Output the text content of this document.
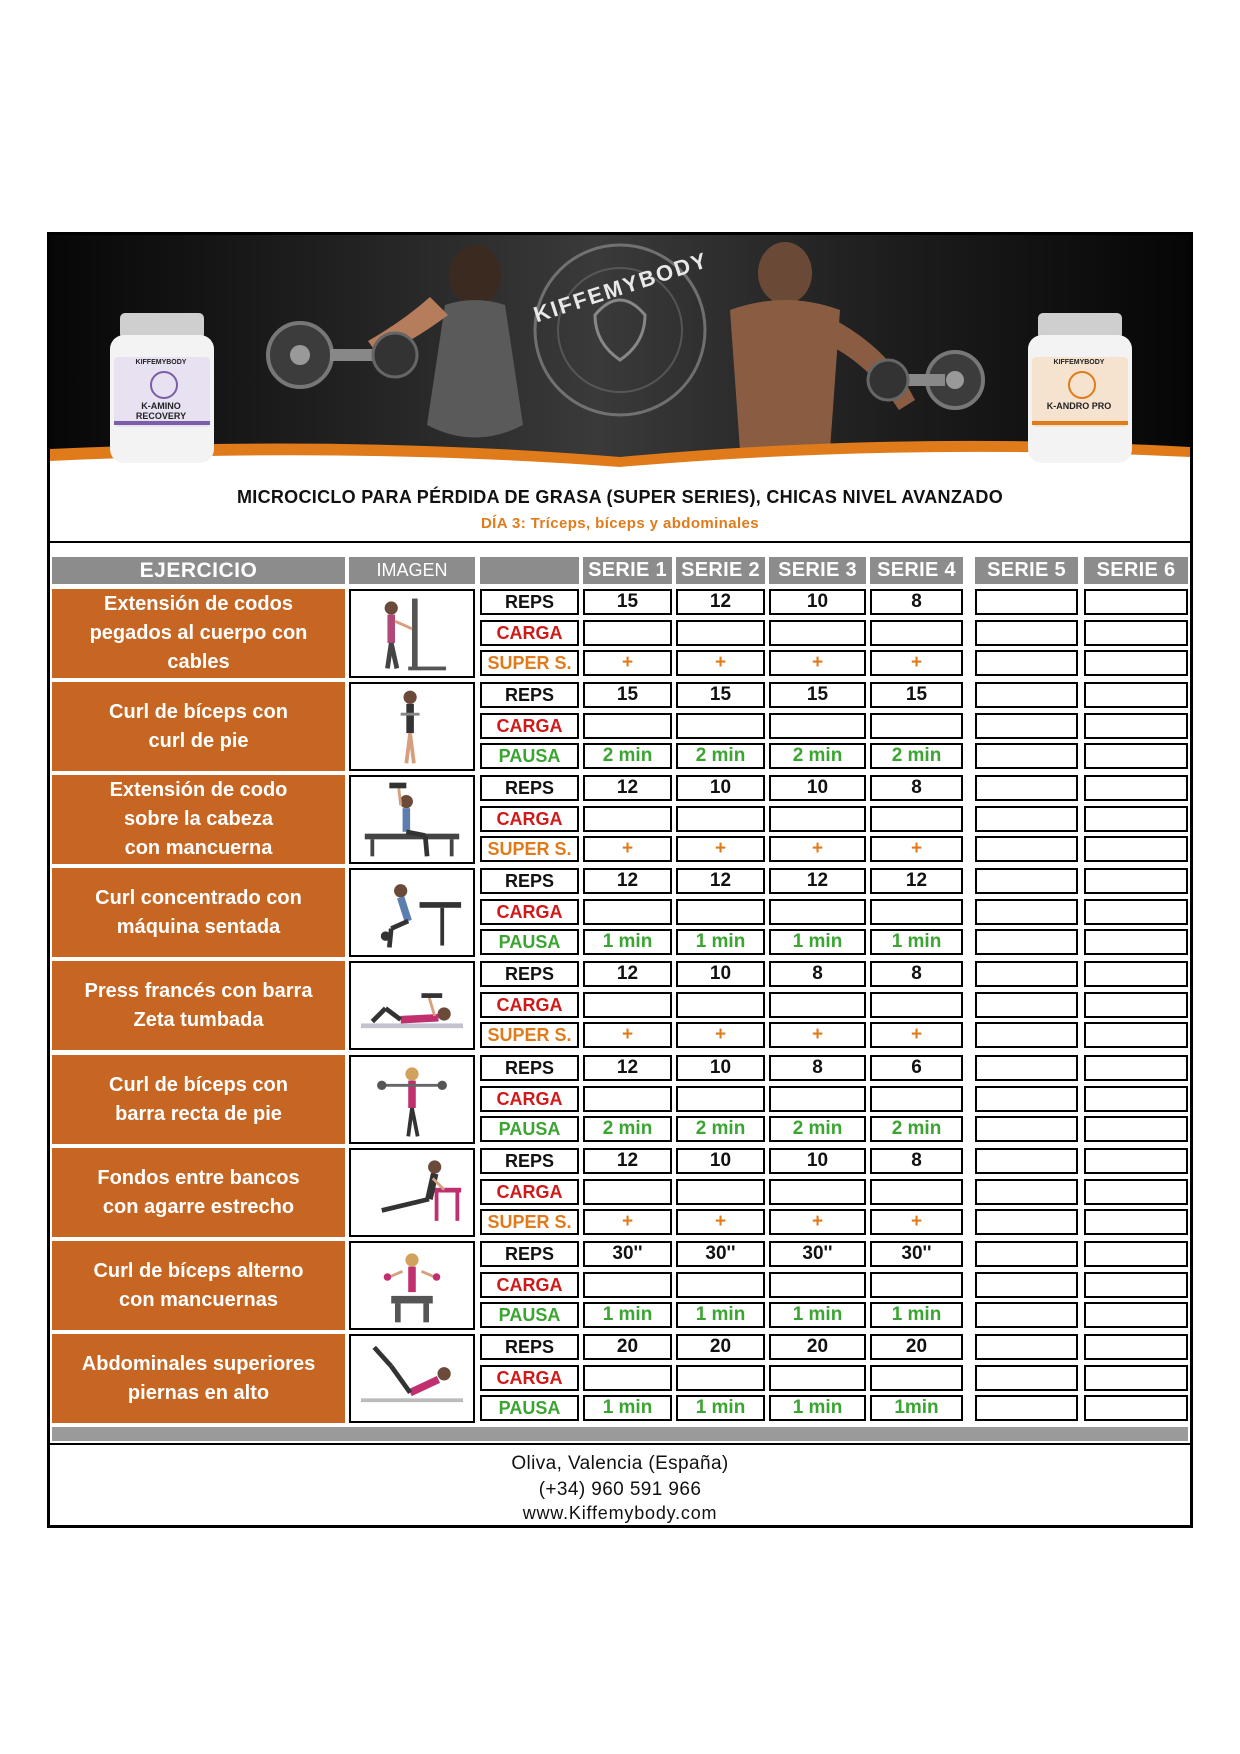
KIFFEMYBODY
KIFFEMYBODY
K-AMINO RECOVERY
KIFFEMYBODY
K-ANDRO PRO
MICROCICLO PARA PÉRDIDA DE GRASA (SUPER SERIES), CHICAS NIVEL AVANZADO
DÍA 3: Tríceps, bíceps y abdominales
EJERCICIO	IMAGEN	SERIE 1 SERIE 2 SERIE 3	SERIE 4	SERIE 5	SERIE 6
Extensión de codos
pegados al cuerpo con
cables
REPS	15	12	10	8
CARGA
SUPER S.	+	+	+	+
Curl de bíceps con
curl de pie
REPS	15	15	15	15
CARGA
PAUSA	2 min	2 min	2 min	2 min
Extensión de codo
sobre la cabeza
con mancuerna
REPS	12	10	10	8
CARGA
SUPER S.	+	+	+	+
Curl concentrado con
máquina sentada
REPS	12	12	12	12
CARGA
PAUSA	1 min	1 min	1 min	1 min
Press francés con barra
Zeta tumbada
REPS	12	10	8	8
CARGA
SUPER S.	+	+	+	+
Curl de bíceps con
barra recta de pie
REPS	12	10	8	6
CARGA
PAUSA	2 min	2 min	2 min	2 min
Fondos entre bancos
con agarre estrecho
REPS	12	10	10	8
CARGA
SUPER S.	+	+	+	+
Curl de bíceps alterno
con mancuernas
REPS	30''	30''	30''	30''
CARGA
PAUSA	1 min	1 min	1 min	1 min
Abdominales superiores
piernas en alto
REPS	20	20	20	20
CARGA
PAUSA	1 min	1 min	1 min	1min
Oliva, Valencia (España)
(+34) 960 591 966
www.Kiffemybody.com
